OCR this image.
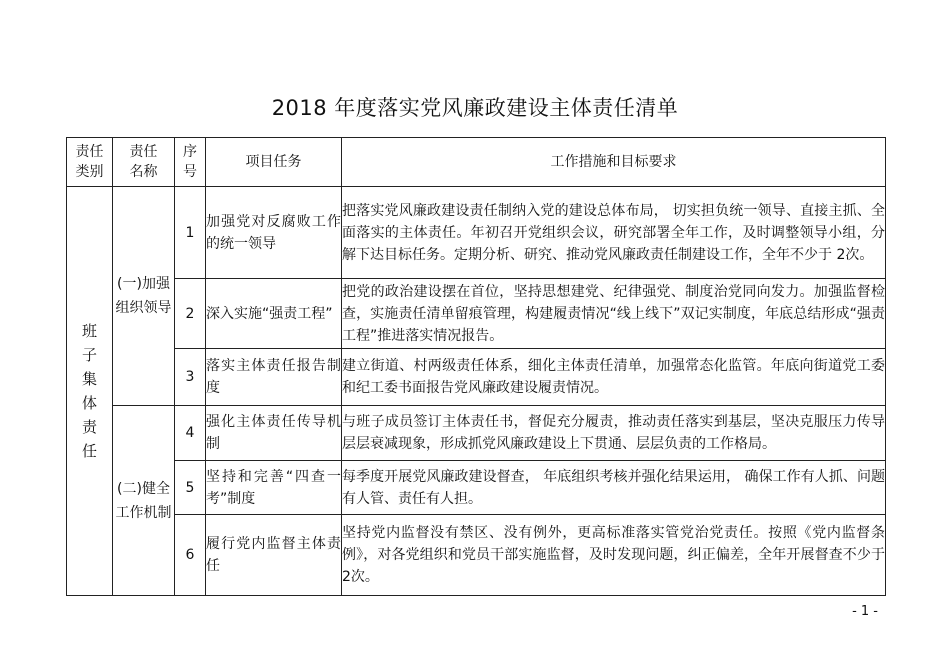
2018 年度落实党风廉政建设主体责任清单
责任类别	责任名称	序号	项目任务	工作措施和目标要求
班子集体责任	(一)加强组织领导	1	加强党对反腐败工作的统一领导	把落实党风廉政建设责任制纳入党的建设总体布局， 切实担负统一领导、直接主抓、全面落实的主体责任。年初召开党组织会议，研究部署全年工作，及时调整领导小组，分解下达目标任务。定期分析、研究、推动党风廉政责任制建设工作，全年不少于 2次。
		2	深入实施“强责工程”	把党的政治建设摆在首位，坚持思想建党、纪律强党、制度治党同向发力。加强监督检查，实施责任清单留痕管理，构建履责情况“线上线下”双记实制度，年底总结形成“强责工程”推进落实情况报告。
		3	落实主体责任报告制度	建立街道、村两级责任体系，细化主体责任清单，加强常态化监管。年底向街道党工委和纪工委书面报告党风廉政建设履责情况。
	(二)健全工作机制	4	强化主体责任传导机制	与班子成员签订主体责任书，督促充分履责，推动责任落实到基层，坚决克服压力传导层层衰减现象，形成抓党风廉政建设上下贯通、层层负责的工作格局。
		5	坚持和完善“四查一考”制度	每季度开展党风廉政建设督查， 年底组织考核并强化结果运用， 确保工作有人抓、问题有人管、责任有人担。
		6	履行党内监督主体责任	坚持党内监督没有禁区、没有例外，更高标准落实管党治党责任。按照《党内监督条例》，对各党组织和党员干部实施监督，及时发现问题，纠正偏差，全年开展督查不少于 2次。
- 1 -
